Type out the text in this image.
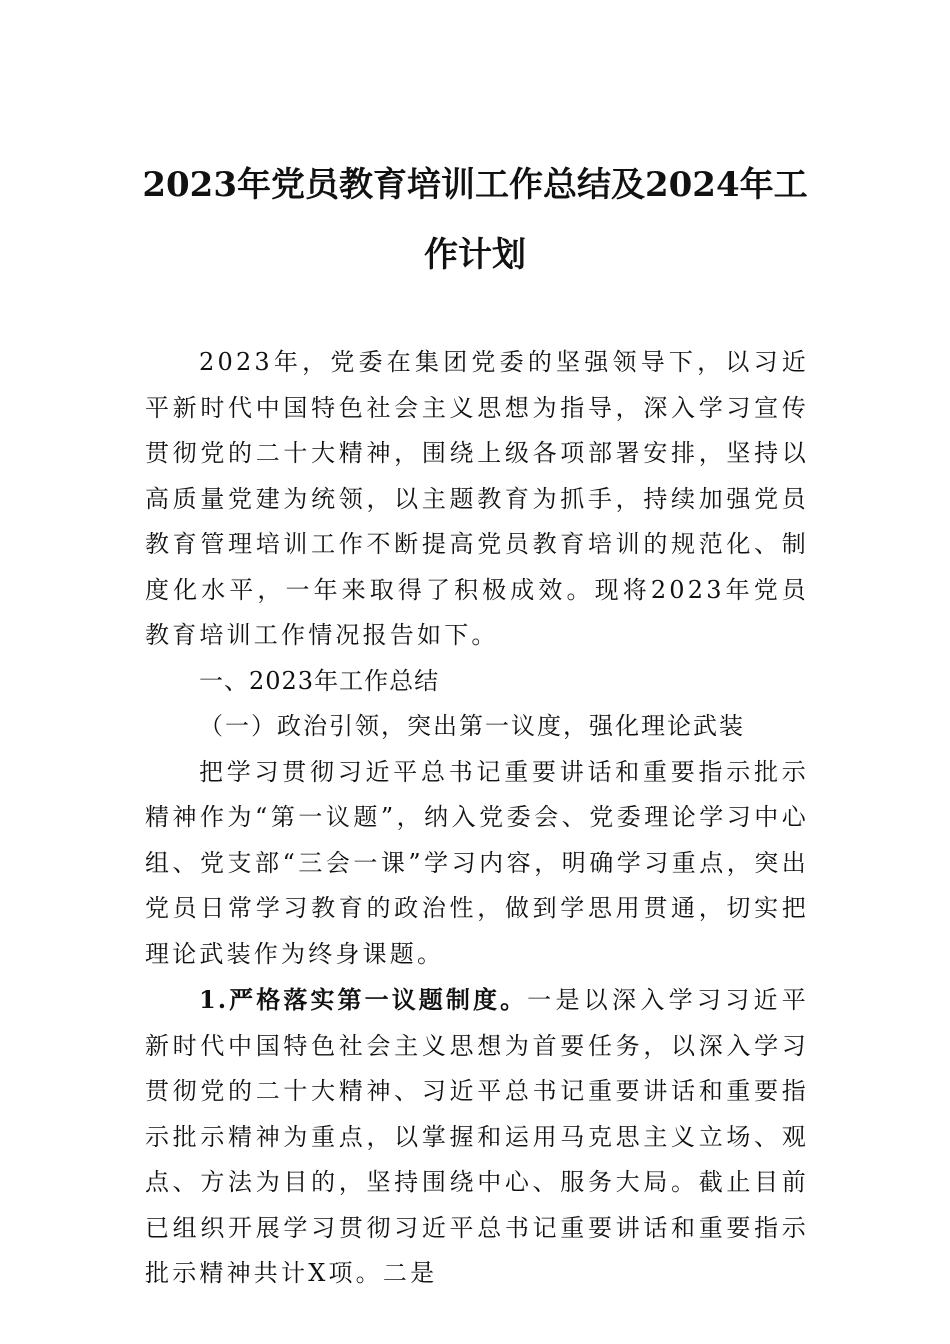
2023年党员教育培训工作总结及2024年工作计划

2023年，党委在集团党委的坚强领导下，以习近平新时代中国特色社会主义思想为指导，深入学习宣传贯彻党的二十大精神，围绕上级各项部署安排，坚持以高质量党建为统领，以主题教育为抓手，持续加强党员教育管理培训工作不断提高党员教育培训的规范化、制度化水平，一年来取得了积极成效。现将2023年党员教育培训工作情况报告如下。

一、2023年工作总结

（一）政治引领，突出第一议度，强化理论武装

把学习贯彻习近平总书记重要讲话和重要指示批示精神作为“第一议题”，纳入党委会、党委理论学习中心组、党支部“三会一课”学习内容，明确学习重点，突出党员日常学习教育的政治性，做到学思用贯通，切实把理论武装作为终身课题。

1.严格落实第一议题制度。一是以深入学习习近平新时代中国特色社会主义思想为首要任务，以深入学习贯彻党的二十大精神、习近平总书记重要讲话和重要指示批示精神为重点，以掌握和运用马克思主义立场、观点、方法为目的，坚持围绕中心、服务大局。截止目前已组织开展学习贯彻习近平总书记重要讲话和重要指示批示精神共计X项。二是
